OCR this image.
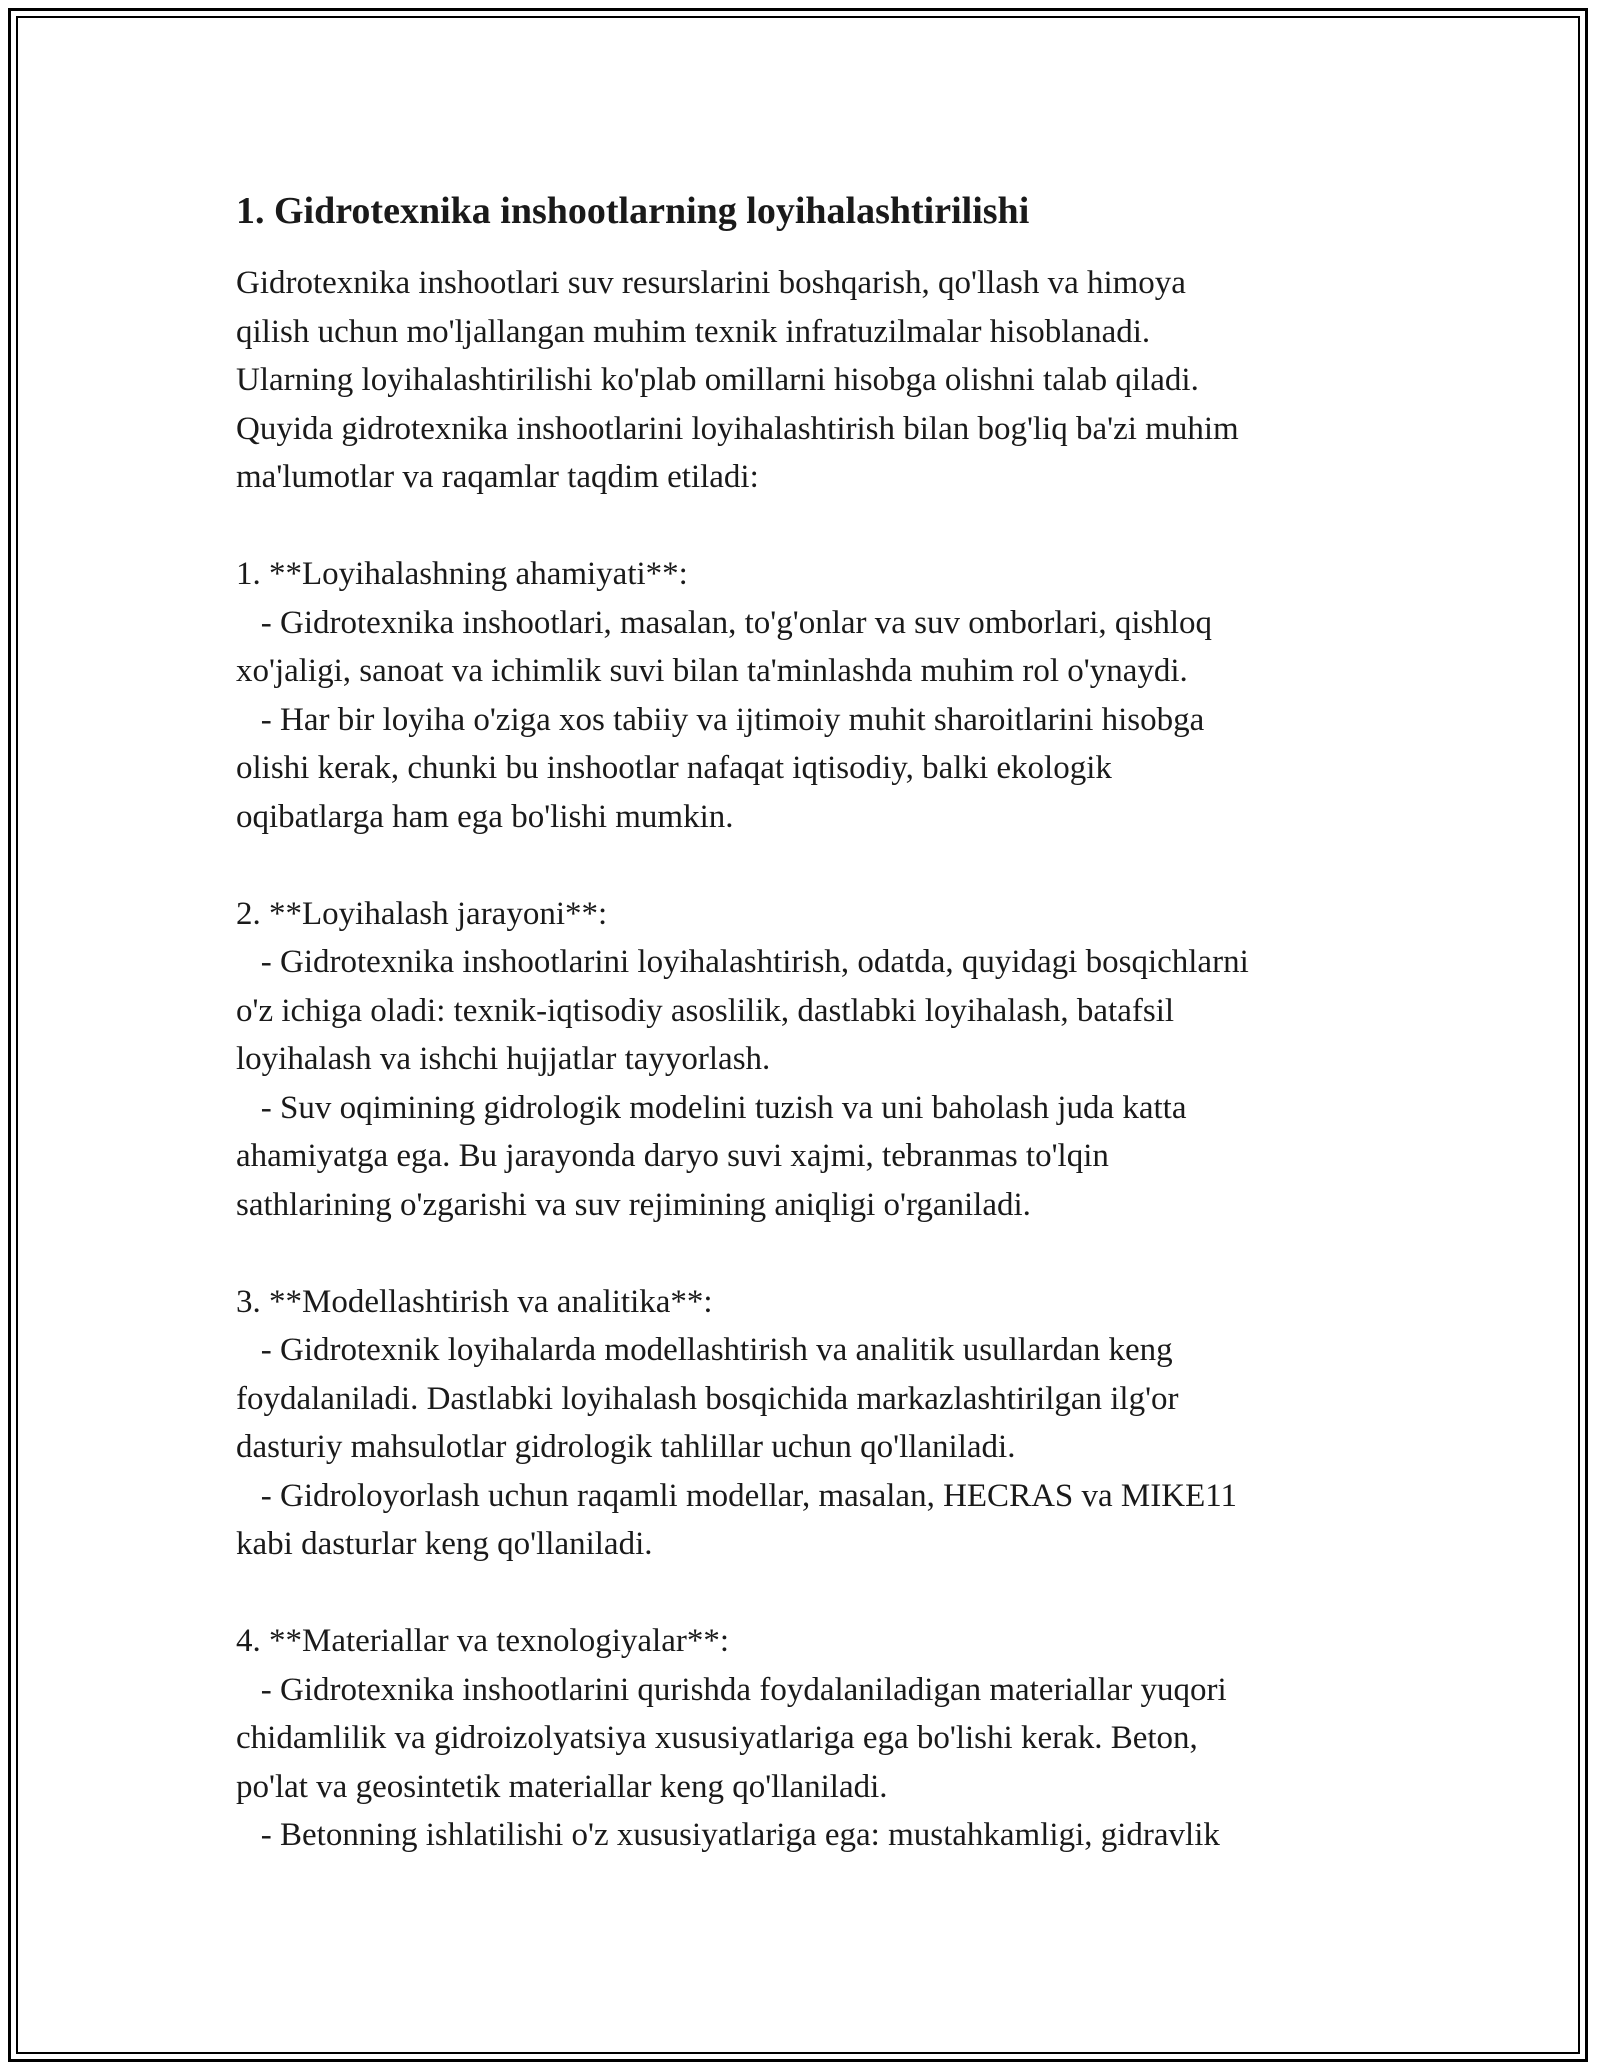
1. Gidrotexnika inshootlarning loyihalashtirilishi

Gidrotexnika inshootlari suv resurslarini boshqarish, qo'llash va himoya

qilish uchun mo'ljallangan muhim texnik infratuzilmalar hisoblanadi.

Ularning loyihalashtirilishi ko'plab omillarni hisobga olishni talab qiladi.

Quyida gidrotexnika inshootlarini loyihalashtirish bilan bog'liq ba'zi muhim

ma'lumotlar va raqamlar taqdim etiladi:

1. **Loyihalashning ahamiyati**:

- Gidrotexnika inshootlari, masalan, to'g'onlar va suv omborlari, qishloq

xo'jaligi, sanoat va ichimlik suvi bilan ta'minlashda muhim rol o'ynaydi.

- Har bir loyiha o'ziga xos tabiiy va ijtimoiy muhit sharoitlarini hisobga

olishi kerak, chunki bu inshootlar nafaqat iqtisodiy, balki ekologik

oqibatlarga ham ega bo'lishi mumkin.

2. **Loyihalash jarayoni**:

- Gidrotexnika inshootlarini loyihalashtirish, odatda, quyidagi bosqichlarni

o'z ichiga oladi: texnik-iqtisodiy asoslilik, dastlabki loyihalash, batafsil

loyihalash va ishchi hujjatlar tayyorlash.

- Suv oqimining gidrologik modelini tuzish va uni baholash juda katta

ahamiyatga ega. Bu jarayonda daryo suvi xajmi, tebranmas to'lqin

sathlarining o'zgarishi va suv rejimining aniqligi o'rganiladi.

3. **Modellashtirish va analitika**:

- Gidrotexnik loyihalarda modellashtirish va analitik usullardan keng

foydalaniladi. Dastlabki loyihalash bosqichida markazlashtirilgan ilg'or

dasturiy mahsulotlar gidrologik tahlillar uchun qo'llaniladi.

- Gidroloyorlash uchun raqamli modellar, masalan, HECRAS va MIKE11

kabi dasturlar keng qo'llaniladi.

4. **Materiallar va texnologiyalar**:

- Gidrotexnika inshootlarini qurishda foydalaniladigan materiallar yuqori

chidamlilik va gidroizolyatsiya xususiyatlariga ega bo'lishi kerak. Beton,

po'lat va geosintetik materiallar keng qo'llaniladi.

- Betonning ishlatilishi o'z xususiyatlariga ega: mustahkamligi, gidravlik
